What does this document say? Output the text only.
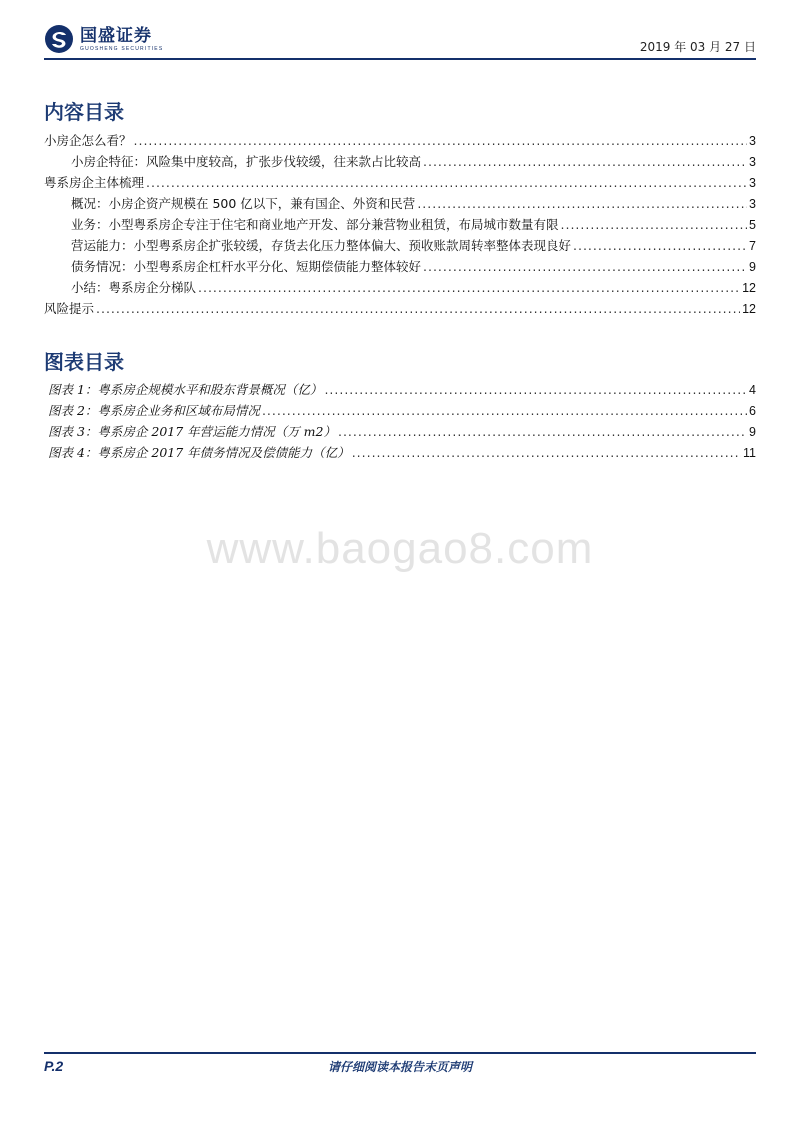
国盛证券
GUOSHENG SECURITIES	2019 年 03 月 27 日
内容目录
小房企怎么看？ .....	3
小房企特征：风险集中度较高，扩张步伐较缓，往来款占比较高 .....	3
粤系房企主体梳理 .....	3
概况：小房企资产规模在 500 亿以下，兼有国企、外资和民营 .....	3
业务：小型粤系房企专注于住宅和商业地产开发、部分兼营物业租赁，布局城市数量有限 .....	5
营运能力：小型粤系房企扩张较缓，存货去化压力整体偏大、预收账款周转率整体表现良好 .....	7
债务情况：小型粤系房企杠杆水平分化、短期偿债能力整体较好 .....	9
小结：粤系房企分梯队 .....	12
风险提示 .....	12
图表目录
图表 1：粤系房企规模水平和股东背景概况（亿） .....	4
图表 2：粤系房企业务和区域布局情况 .....	6
图表 3：粤系房企 2017 年营运能力情况（万 m2） .....	9
图表 4：粤系房企 2017 年债务情况及偿债能力（亿） .....	11
www.baogao8.com
P.2	请仔细阅读本报告末页声明
